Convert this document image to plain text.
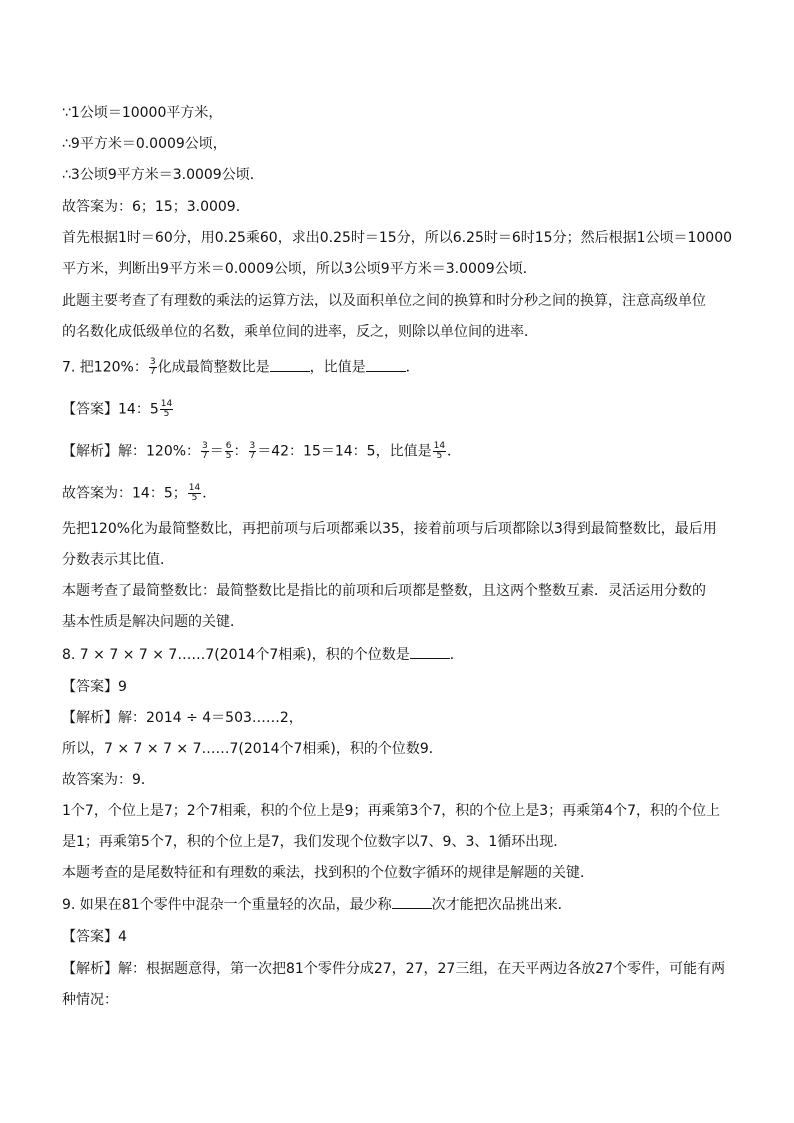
∵1公顷＝10000平方米，
∴9平方米＝0.0009公顷，
∴3公顷9平方米＝3.0009公顷．
故答案为：6；15；3.0009．
首先根据1时＝60分，用0.25乘60，求出0.25时＝15分，所以6.25时＝6时15分；然后根据1公顷＝10000
平方米，判断出9平方米＝0.0009公顷，所以3公顷9平方米＝3.0009公顷．
此题主要考查了有理数的乘法的运算方法，以及面积单位之间的换算和时分秒之间的换算，注意高级单位
的名数化成低级单位的名数，乘单位间的进率，反之，则除以单位间的进率．
7. 把120%： $\frac{3}{7}$ 化成最简整数比是	，比值是	．
【答案】14：$5 \frac{14}{5}$
【解析】解：120%： $\frac{3}{7} = \frac{6}{5}$ ： $\frac{3}{7} =42$：15＝14：5，比值是 $\frac{14}{5}$ ．
故答案为：14：5； $\frac{14}{5}$ ．
先把120%化为最简整数比，再把前项与后项都乘以35，接着前项与后项都除以3得到最简整数比，最后用
分数表示其比值．
本题考查了最简整数比：最简整数比是指比的前项和后项都是整数，且这两个整数互素．灵活运用分数的
基本性质是解决问题的关键．
8. 7 × 7 × 7 × 7……7(2014个7相乘)，积的个位数是	．
【答案】9
【解析】解：2014 ÷ 4＝503……2，
所以，7 × 7 × 7 × 7……7(2014个7相乘)，积的个位数9．
故答案为：9．
1个7，个位上是7；2个7相乘，积的个位上是9；再乘第3个7，积的个位上是3；再乘第4个7，积的个位上
是1；再乘第5个7，积的个位上是7，我们发现个位数字以7、9、3、1循环出现．
本题考查的是尾数特征和有理数的乘法，找到积的个位数字循环的规律是解题的关键．
9. 如果在81个零件中混杂一个重量轻的次品，最少称	次才能把次品挑出来．
【答案】4
【解析】解：根据题意得，第一次把81个零件分成27，27，27三组，在天平两边各放27个零件，可能有两
种情况：
